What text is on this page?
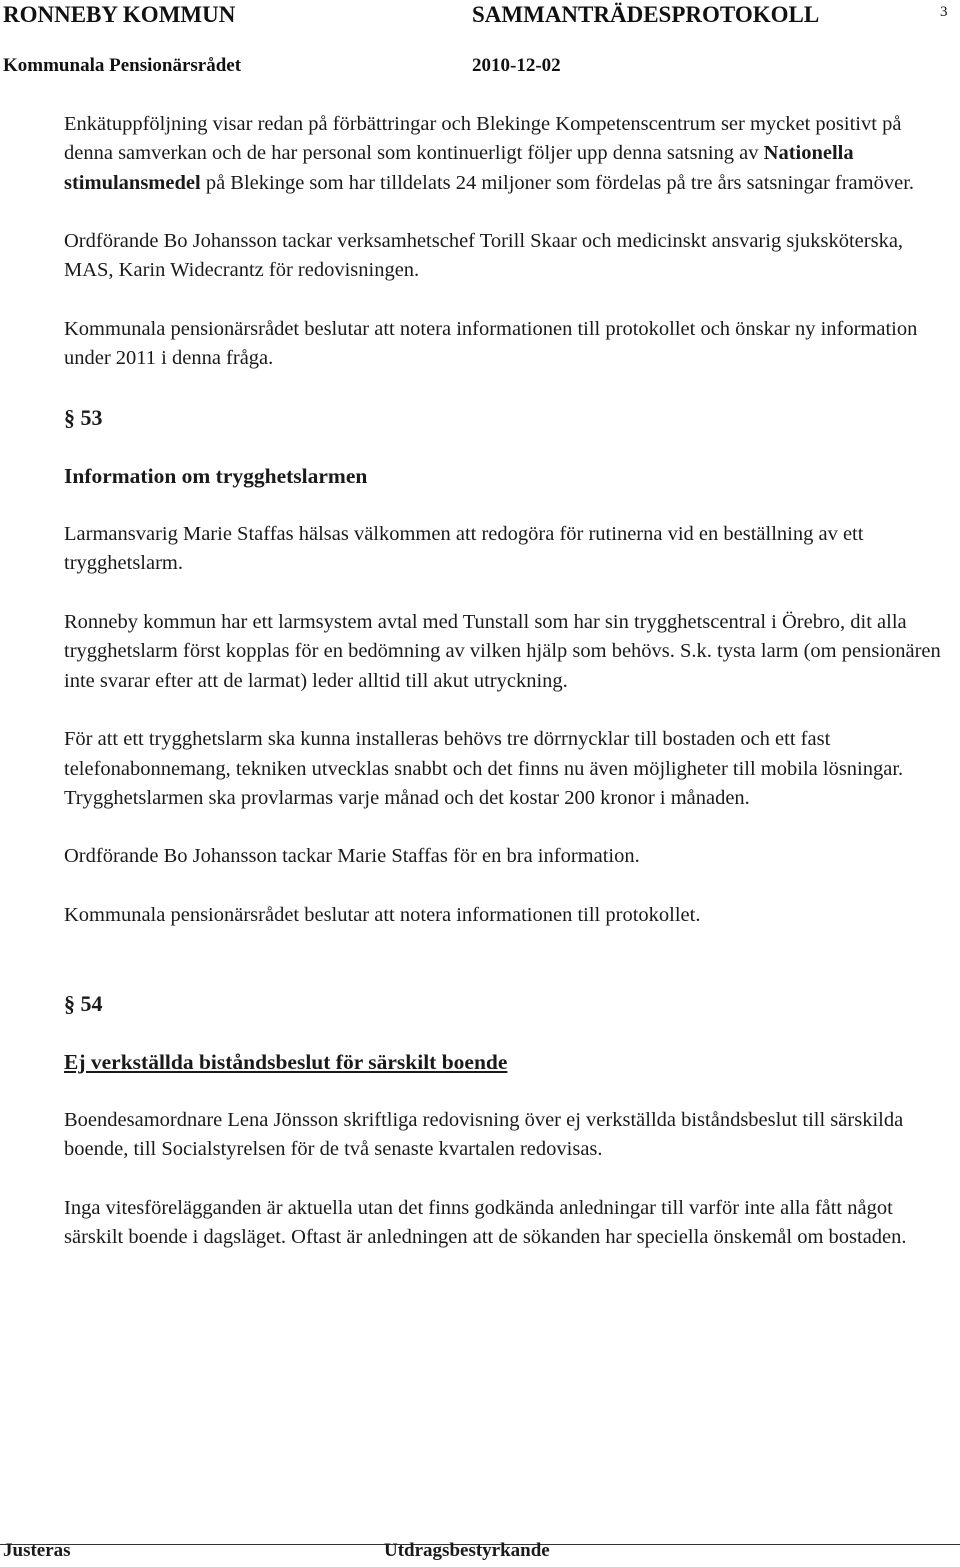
RONNEBY KOMMUN	SAMMANTRÄDESPROTOKOLL	3
Kommunala Pensionärsrådet	2010-12-02

Enkätuppföljning visar redan på förbättringar och Blekinge Kompetenscentrum ser mycket positivt på denna samverkan och de har personal som kontinuerligt följer upp denna satsning av Nationella stimulansmedel på Blekinge som har tilldelats 24 miljoner som fördelas på tre års satsningar framöver.

Ordförande Bo Johansson tackar verksamhetschef Torill Skaar och medicinskt ansvarig sjuksköterska, MAS, Karin Widecrantz för redovisningen.

Kommunala pensionärsrådet beslutar att notera informationen till protokollet och önskar ny information under 2011 i denna fråga.

§ 53
Information om trygghetslarmen

Larmansvarig Marie Staffas hälsas välkommen att redogöra för rutinerna vid en beställning av ett trygghetslarm.

Ronneby kommun har ett larmsystem avtal med Tunstall som har sin trygghetscentral i Örebro, dit alla trygghetslarm först kopplas för en bedömning av vilken hjälp som behövs. S.k. tysta larm (om pensionären inte svarar efter att de larmat) leder alltid till akut utryckning.

För att ett trygghetslarm ska kunna installeras behövs tre dörrnycklar till bostaden och ett fast telefonabonnemang, tekniken utvecklas snabbt och det finns nu även möjligheter till mobila lösningar. Trygghetslarmen ska provlarmas varje månad och det kostar 200 kronor i månaden.

Ordförande Bo Johansson tackar Marie Staffas för en bra information.

Kommunala pensionärsrådet beslutar att notera informationen till protokollet.

§ 54
Ej verkställda biståndsbeslut för särskilt boende

Boendesamordnare Lena Jönsson skriftliga redovisning över ej verkställda biståndsbeslut till särskilda boende, till Socialstyrelsen för de två senaste kvartalen redovisas.

Inga vitesförelägganden är aktuella utan det finns godkända anledningar till varför inte alla fått något särskilt boende i dagsläget. Oftast är anledningen att de sökanden har speciella önskemål om bostaden.

Justeras	Utdragsbestyrkande
